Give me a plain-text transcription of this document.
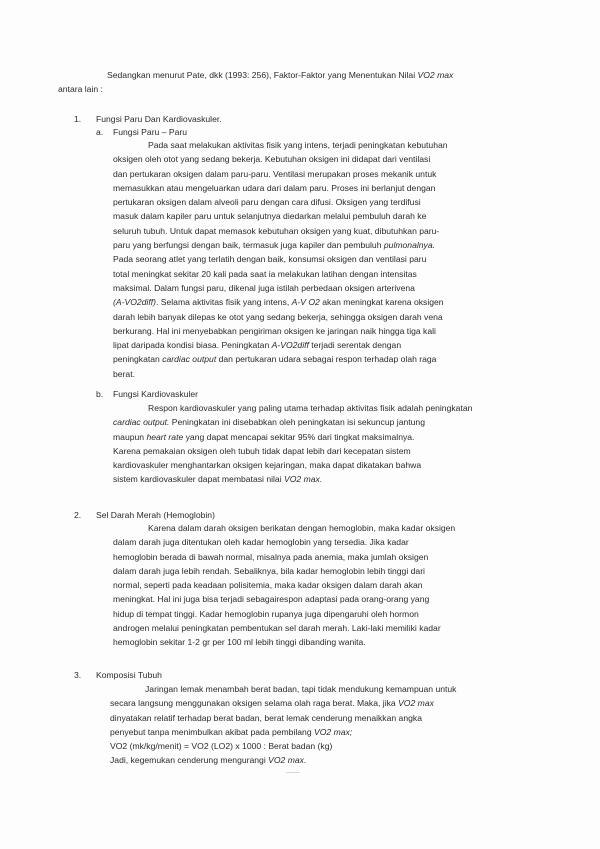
Sedangkan menurut Pate, dkk (1993: 256), Faktor-Faktor yang Menentukan Nilai VO2 max
antara lain :
1. Fungsi Paru Dan Kardiovaskuler.
a. Fungsi Paru – Paru
Pada saat melakukan aktivitas fisik yang intens, terjadi peningkatan kebutuhan
oksigen oleh otot yang sedang bekerja. Kebutuhan oksigen ini didapat dari ventilasi
dan pertukaran oksigen dalam paru-paru. Ventilasi merupakan proses mekanik untuk
memasukkan atau mengeluarkan udara dari dalam paru. Proses ini berlanjut dengan
pertukaran oksigen dalam alveoli paru dengan cara difusi. Oksigen yang terdifusi
masuk dalam kapiler paru untuk selanjutnya diedarkan melalui pembuluh darah ke
seluruh tubuh. Untuk dapat memasok kebutuhan oksigen yang kuat, dibutuhkan paru-
paru yang berfungsi dengan baik, termasuk juga kapiler dan pembuluh pulmonalnya.
Pada seorang atlet yang terlatih dengan baik, konsumsi oksigen dan ventilasi paru
total meningkat sekitar 20 kali pada saat ia melakukan latihan dengan intensitas
maksimal. Dalam fungsi paru, dikenal juga istilah perbedaan oksigen arterivena
(A-VO2diff). Selama aktivitas fisik yang intens, A-V O2 akan meningkat karena oksigen
darah lebih banyak dilepas ke otot yang sedang bekerja, sehingga oksigen darah vena
berkurang. Hal ini menyebabkan pengiriman oksigen ke jaringan naik hingga tiga kali
lipat daripada kondisi biasa. Peningkatan A-VO2diff terjadi serentak dengan
peningkatan cardiac output dan pertukaran udara sebagai respon terhadap olah raga
berat.
b. Fungsi Kardiovaskuler
Respon kardiovaskuler yang paling utama terhadap aktivitas fisik adalah peningkatan
cardiac output. Peningkatan ini disebabkan oleh peningkatan isi sekuncup jantung
maupun heart rate yang dapat mencapai sekitar 95% dari tingkat maksimalnya.
Karena pemakaian oksigen oleh tubuh tidak dapat lebih dari kecepatan sistem
kardiovaskuler menghantarkan oksigen kejaringan, maka dapat dikatakan bahwa
sistem kardiovaskuler dapat membatasi nilai VO2 max.
2. Sel Darah Merah (Hemoglobin)
Karena dalam darah oksigen berikatan dengan hemoglobin, maka kadar oksigen
dalam darah juga ditentukan oleh kadar hemoglobin yang tersedia. Jika kadar
hemoglobin berada di bawah normal, misalnya pada anemia, maka jumlah oksigen
dalam darah juga lebih rendah. Sebaliknya, bila kadar hemoglobin lebih tinggi dari
normal, seperti pada keadaan polisitemia, maka kadar oksigen dalam darah akan
meningkat. Hal ini juga bisa terjadi sebagairespon adaptasi pada orang-orang yang
hidup di tempat tinggi. Kadar hemoglobin rupanya juga dipengaruhi oleh hormon
androgen melalui peningkatan pembentukan sel darah merah. Laki-laki memiliki kadar
hemoglobin sekitar 1-2 gr per 100 ml lebih tinggi dibanding wanita.
3. Komposisi Tubuh
Jaringan lemak menambah berat badan, tapi tidak mendukung kemampuan untuk
secara langsung menggunakan oksigen selama olah raga berat. Maka, jika VO2 max
dinyatakan relatif terhadap berat badan, berat lemak cenderung menaikkan angka
penyebut tanpa menimbulkan akibat pada pembilang VO2 max;
VO2 (mk/kg/menit) = VO2 (LO2) x 1000 : Berat badan (kg)
Jadi, kegemukan cenderung mengurangi VO2 max.
